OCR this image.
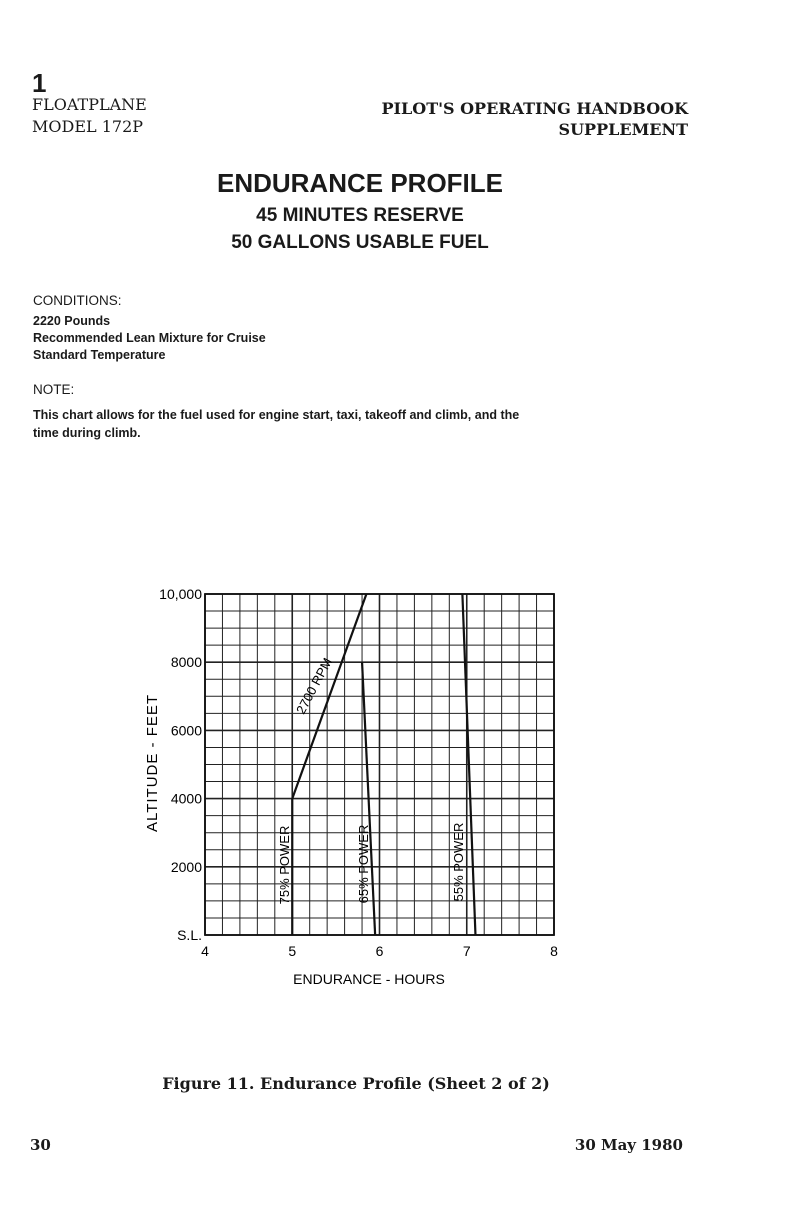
1
FLOATPLANE
MODEL 172P
PILOT'S OPERATING HANDBOOK
SUPPLEMENT
ENDURANCE PROFILE
45 MINUTES RESERVE
50 GALLONS USABLE FUEL
CONDITIONS:
2220 Pounds
Recommended Lean Mixture for Cruise
Standard Temperature
NOTE:
This chart allows for the fuel used for engine start, taxi, takeoff and climb, and the
time during climb.
4	5	6	7	8
S.L.
2000
4000
6000
8000
10,000
75% POWER
2700 RPM
65% POWER	55% POWER
ENDURANCE - HOURS
ALTITUDE - FEET
Figure 11. Endurance Profile (Sheet 2 of 2)
30	30 May 1980
